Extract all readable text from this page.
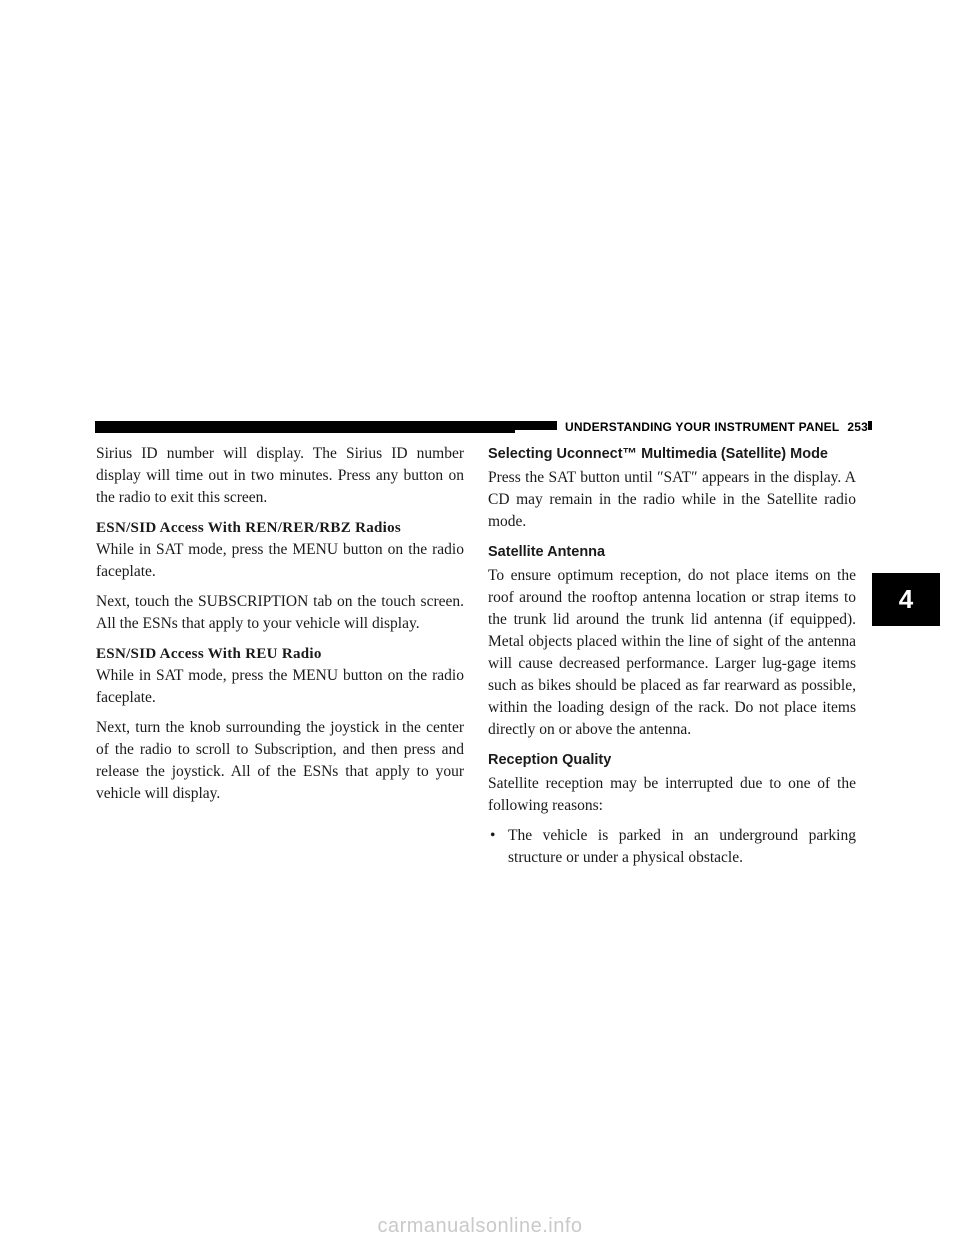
UNDERSTANDING YOUR INSTRUMENT PANEL 253

Sirius ID number will display. The Sirius ID number display will time out in two minutes. Press any button on the radio to exit this screen.

ESN/SID Access With REN/RER/RBZ Radios

While in SAT mode, press the MENU button on the radio faceplate.

Next, touch the SUBSCRIPTION tab on the touch screen. All the ESNs that apply to your vehicle will display.

ESN/SID Access With REU Radio

While in SAT mode, press the MENU button on the radio faceplate.

Next, turn the knob surrounding the joystick in the center of the radio to scroll to Subscription, and then press and release the joystick. All of the ESNs that apply to your vehicle will display.

Selecting Uconnect™ Multimedia (Satellite) Mode

Press the SAT button until ″SAT″ appears in the display. A CD may remain in the radio while in the Satellite radio mode.

Satellite Antenna

To ensure optimum reception, do not place items on the roof around the rooftop antenna location or strap items to the trunk lid around the trunk lid antenna (if equipped). Metal objects placed within the line of sight of the antenna will cause decreased performance. Larger lug-gage items such as bikes should be placed as far rearward as possible, within the loading design of the rack. Do not place items directly on or above the antenna.

Reception Quality

Satellite reception may be interrupted due to one of the following reasons:

• The vehicle is parked in an underground parking structure or under a physical obstacle.
4
carmanualsonline.info
